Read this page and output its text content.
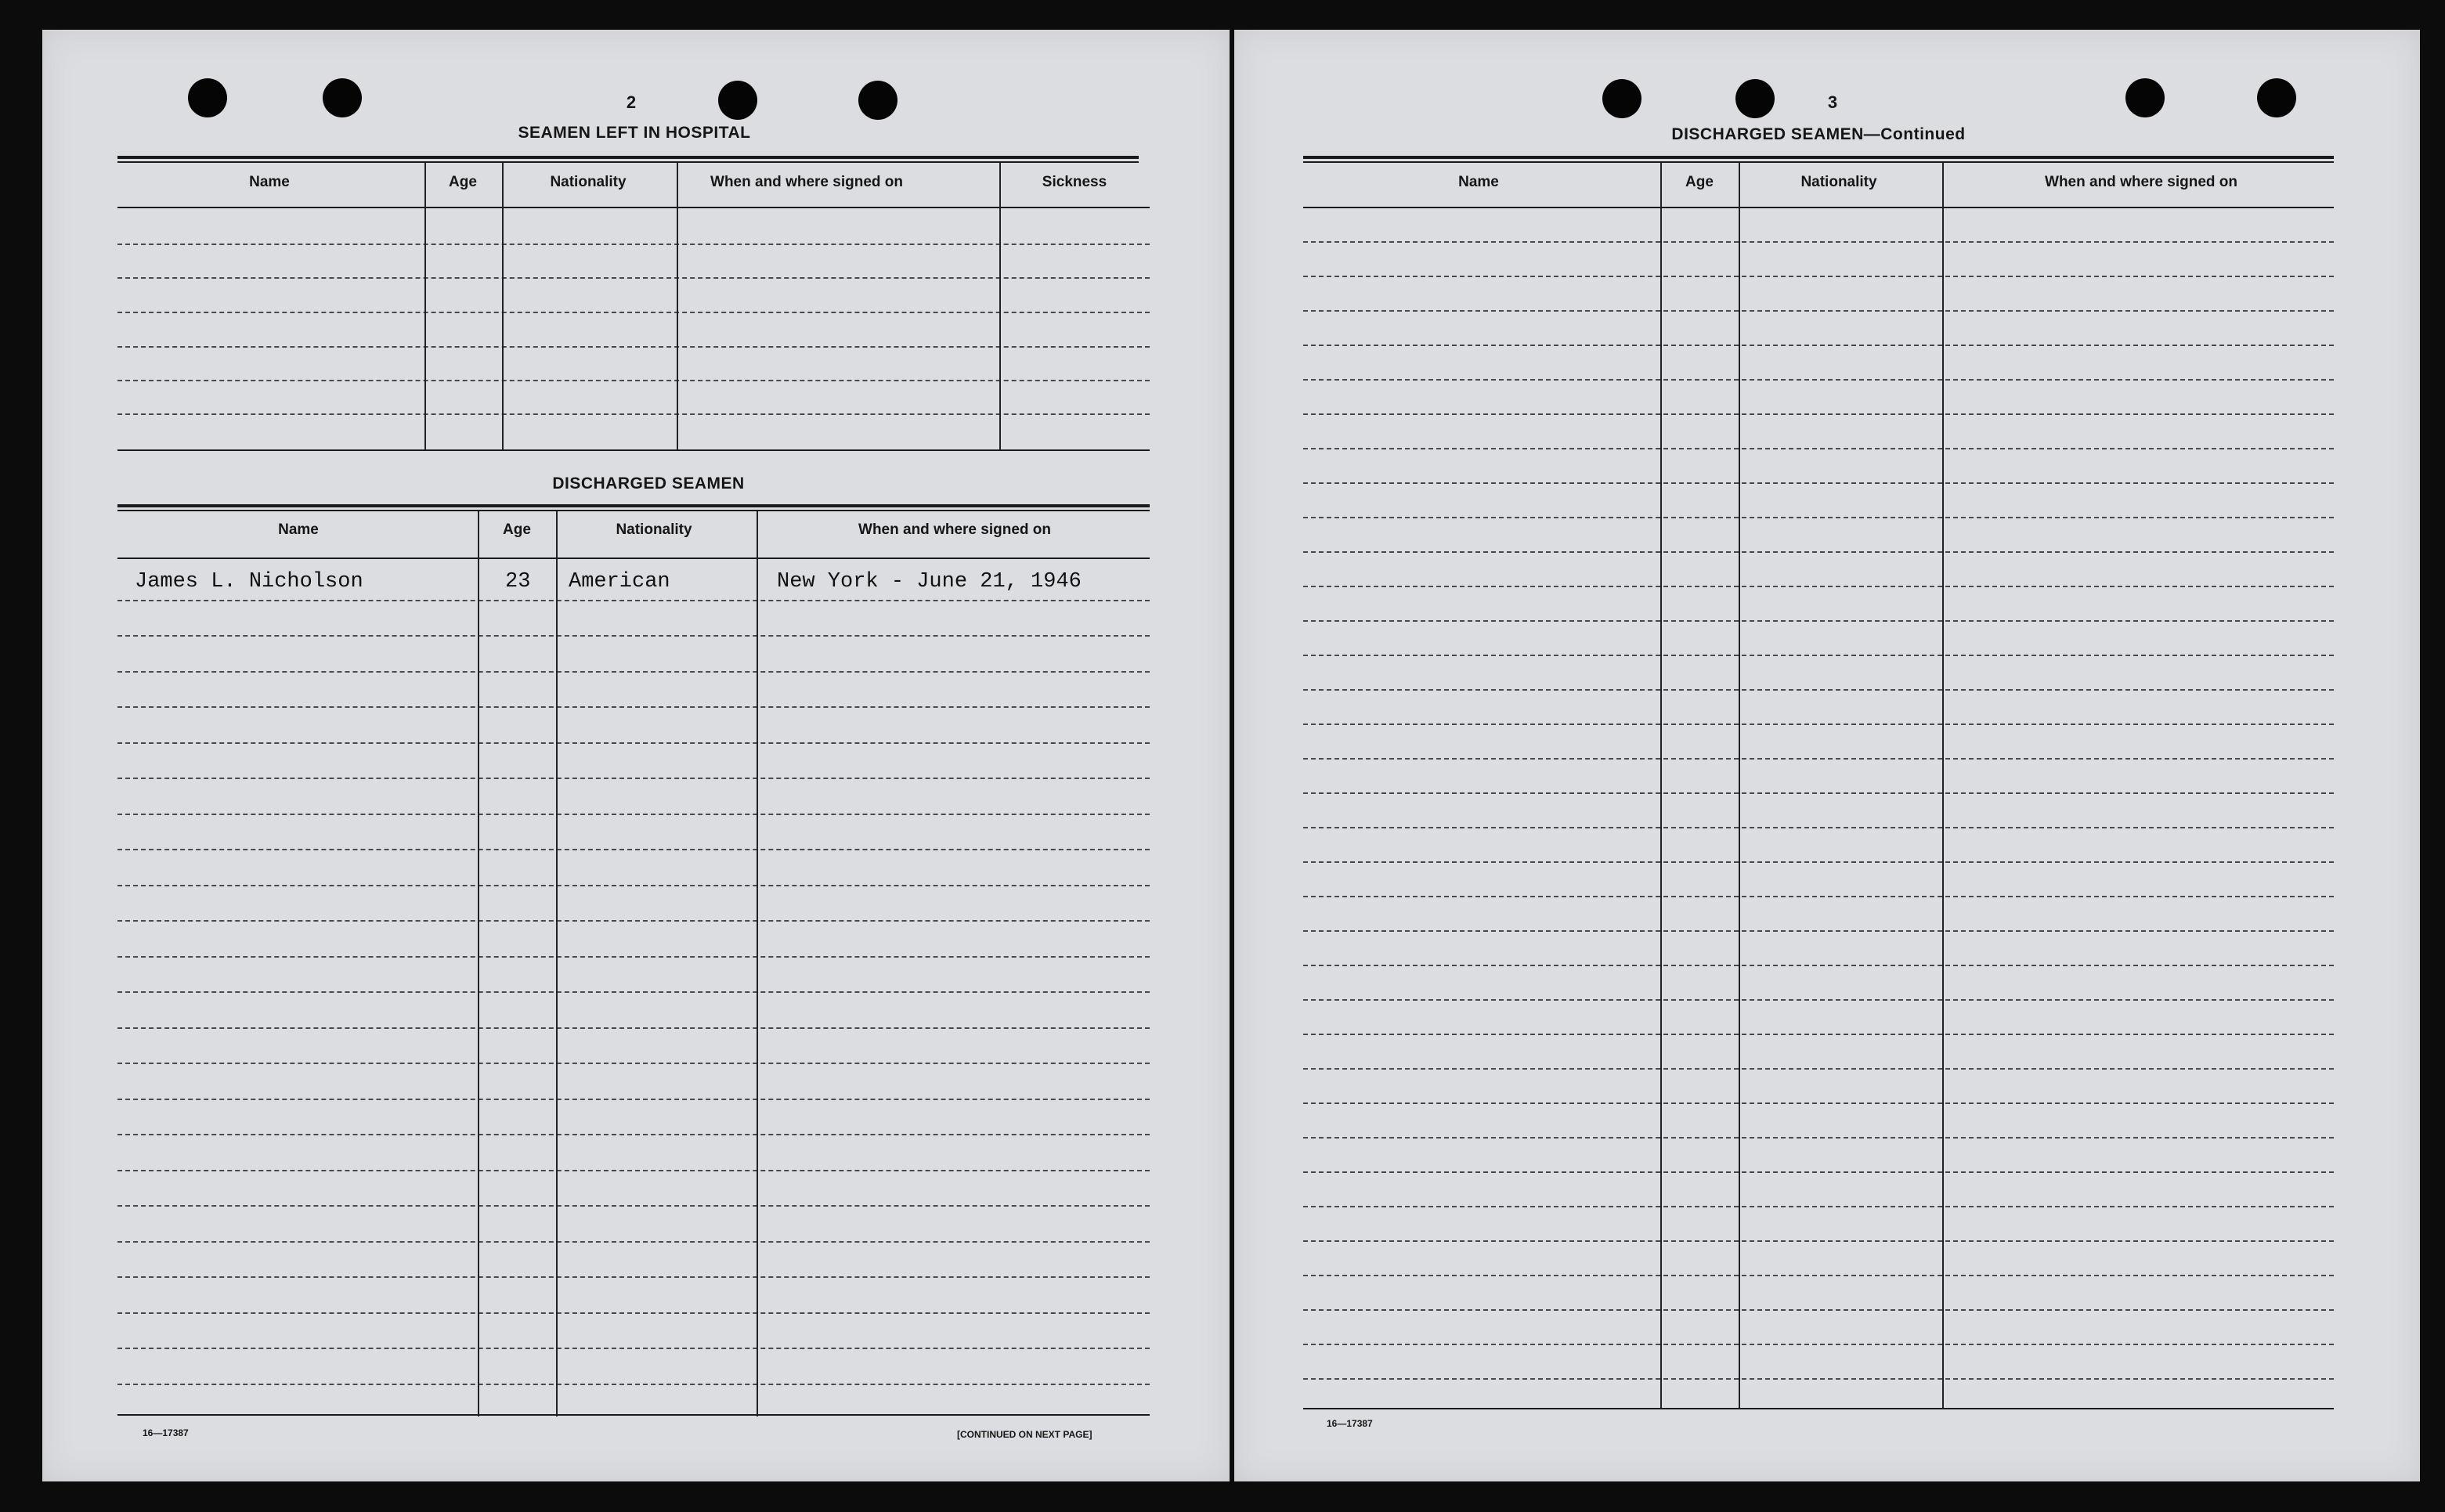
2
SEAMEN LEFT IN HOSPITAL
Name	Age	Nationality	When and where signed on	Sickness
DISCHARGED SEAMEN
Name	Age	Nationality	When and where signed on
James L. Nicholson	23 American	New York - June 21, 1946
16—17387	[CONTINUED ON NEXT PAGE]
3
DISCHARGED SEAMEN—Continued
Name	Age	Nationality	When and where signed on
16—17387
